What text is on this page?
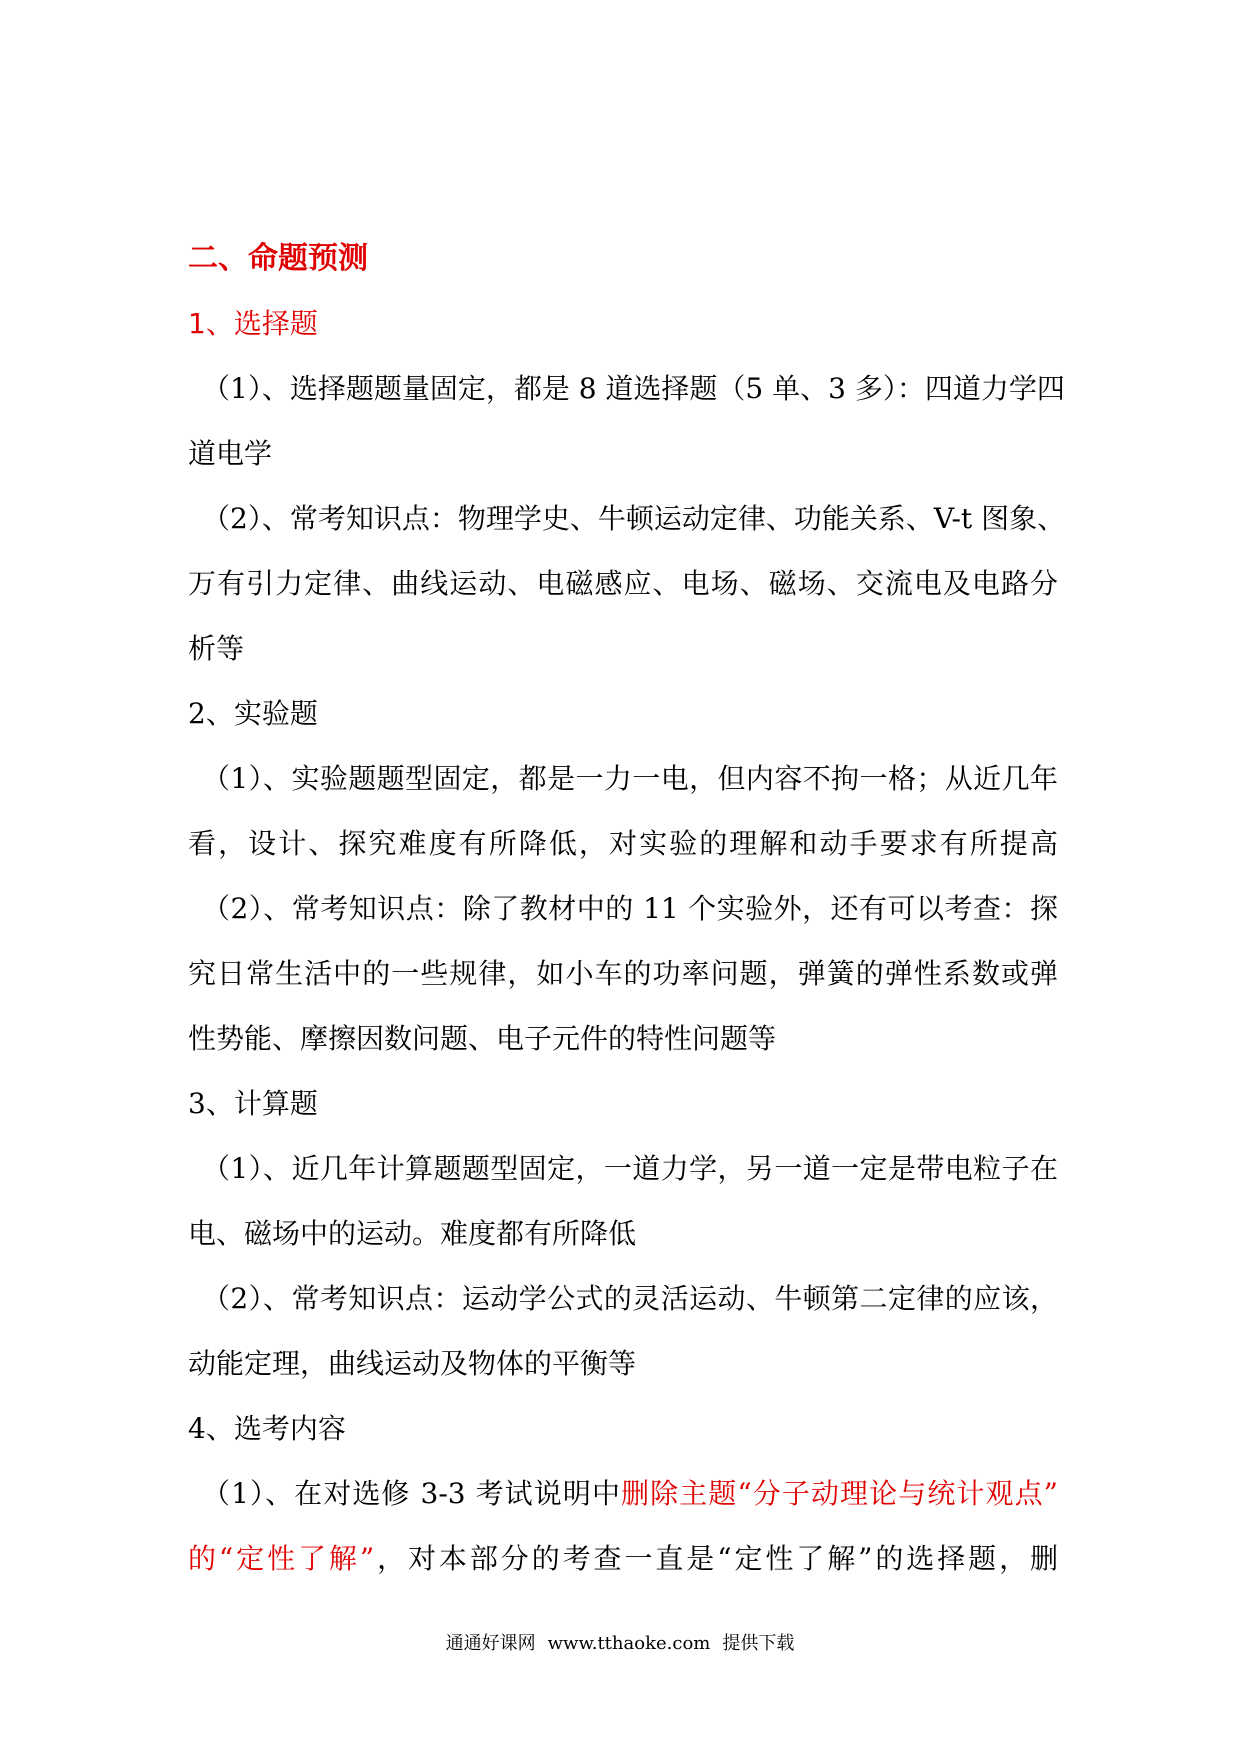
二、命题预测
1、选择题
（1）、选择题题量固定，都是 8 道选择题（5 单、3 多）：四道力学四
道电学
（2）、常考知识点：物理学史、牛顿运动定律、功能关系、V-t 图象、
万有引力定律、曲线运动、电磁感应、电场、磁场、交流电及电路分
析等
2、实验题
（1）、实验题题型固定，都是一力一电，但内容不拘一格；从近几年
看，设计、探究难度有所降低，对实验的理解和动手要求有所提高
（2）、常考知识点：除了教材中的 11 个实验外，还有可以考查：探
究日常生活中的一些规律，如小车的功率问题，弹簧的弹性系数或弹
性势能、摩擦因数问题、电子元件的特性问题等
3、计算题
（1）、近几年计算题题型固定，一道力学，另一道一定是带电粒子在
电、磁场中的运动。难度都有所降低
（2）、常考知识点：运动学公式的灵活运动、牛顿第二定律的应该，
动能定理，曲线运动及物体的平衡等
4、选考内容
（1）、在对选修 3-3 考试说明中删除主题“分子动理论与统计观点”
的“定性了解”，对本部分的考查一直是“定性了解”的选择题，删
通通好课网 www.tthaoke.com 提供下载
